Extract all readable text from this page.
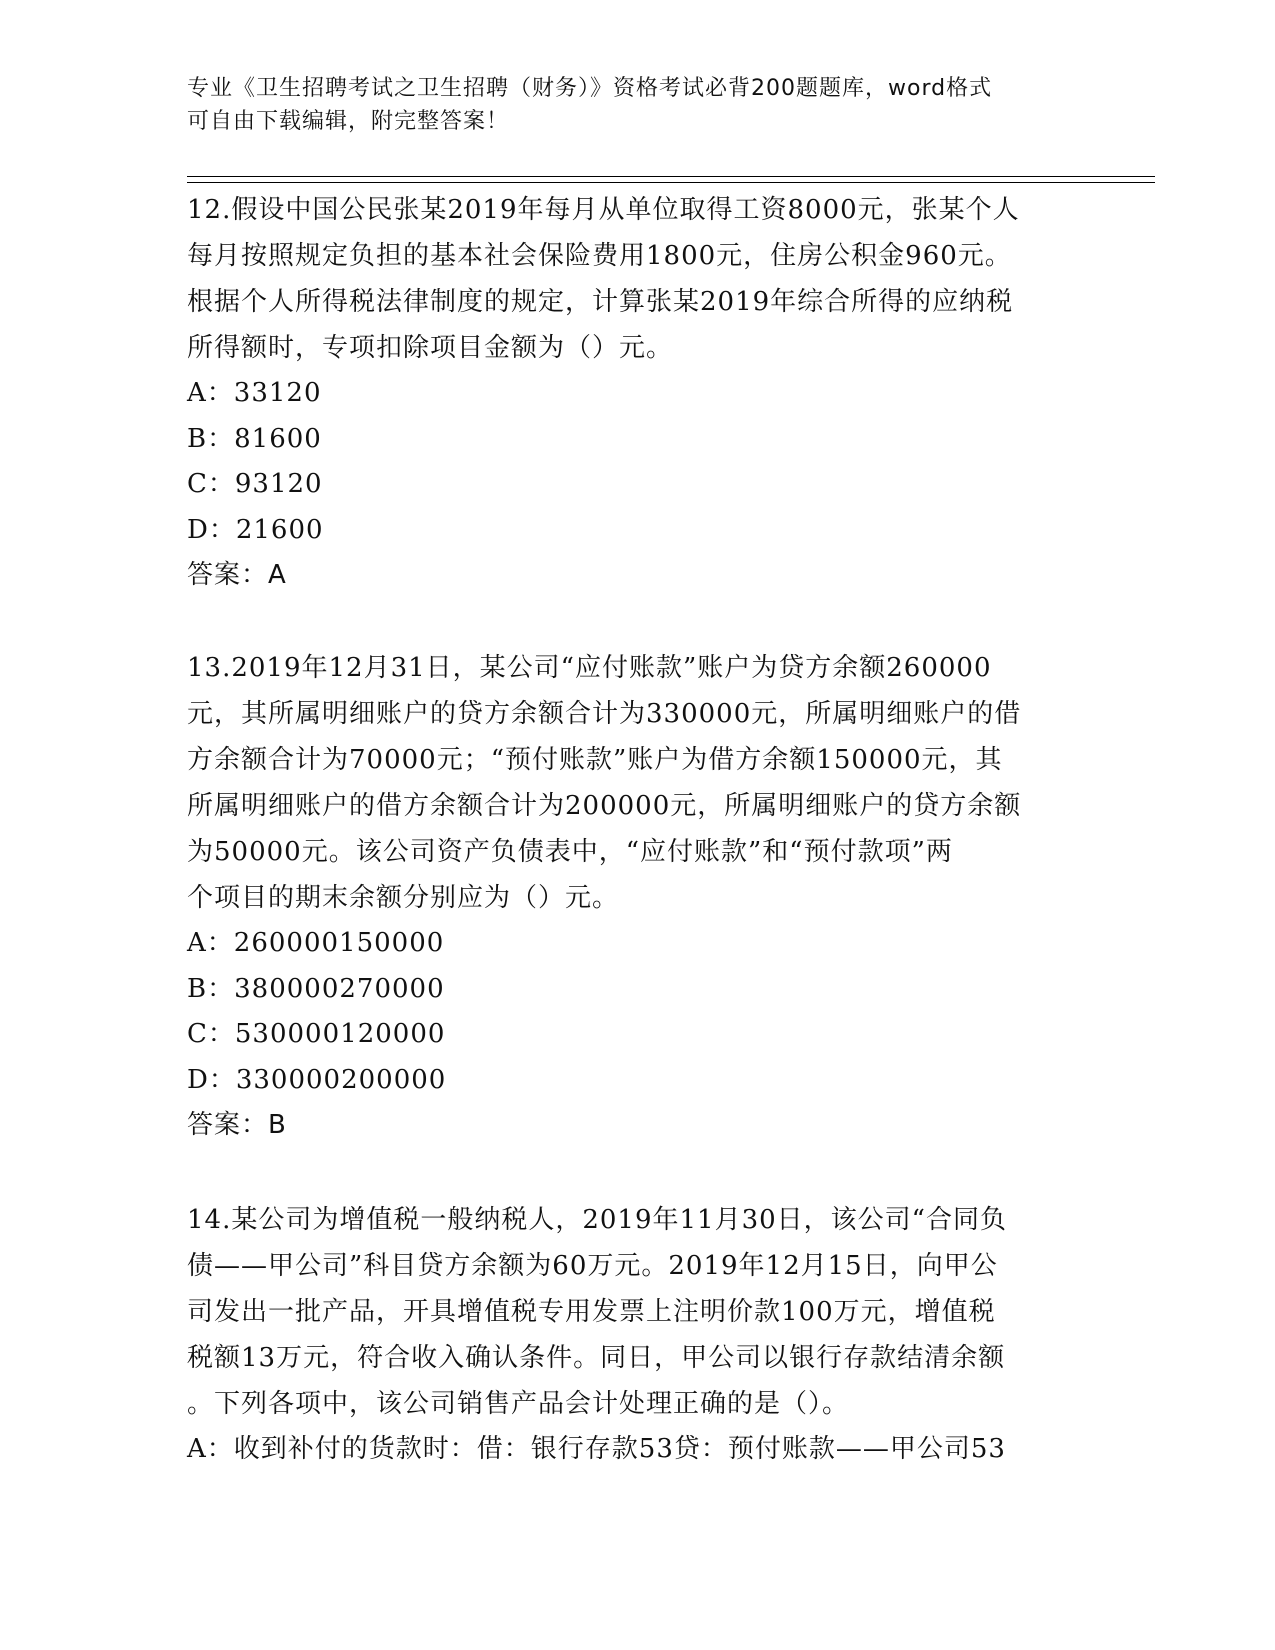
专业《卫生招聘考试之卫生招聘（财务）》资格考试必背200题题库，word格式
可自由下载编辑，附完整答案！

12.假设中国公民张某2019年每月从单位取得工资8000元，张某个人

每月按照规定负担的基本社会保险费用1800元，住房公积金960元。

根据个人所得税法律制度的规定，计算张某2019年综合所得的应纳税

所得额时，专项扣除项目金额为（）元。

A：33120

B：81600

C：93120

D：21600

答案：A

13.2019年12月31日，某公司“应付账款”账户为贷方余额260000

元，其所属明细账户的贷方余额合计为330000元，所属明细账户的借

方余额合计为70000元；“预付账款”账户为借方余额150000元，其

所属明细账户的借方余额合计为200000元，所属明细账户的贷方余额

为50000元。该公司资产负债表中，“应付账款”和“预付款项”两

个项目的期末余额分别应为（）元。

A：260000150000

B：380000270000

C：530000120000

D：330000200000

答案：B

14.某公司为增值税一般纳税人，2019年11月30日，该公司“合同负

债——甲公司”科目贷方余额为60万元。2019年12月15日，向甲公

司发出一批产品，开具增值税专用发票上注明价款100万元，增值税

税额13万元，符合收入确认条件。同日，甲公司以银行存款结清余额

。下列各项中，该公司销售产品会计处理正确的是（）。

A：收到补付的货款时：借：银行存款53贷：预付账款——甲公司53
